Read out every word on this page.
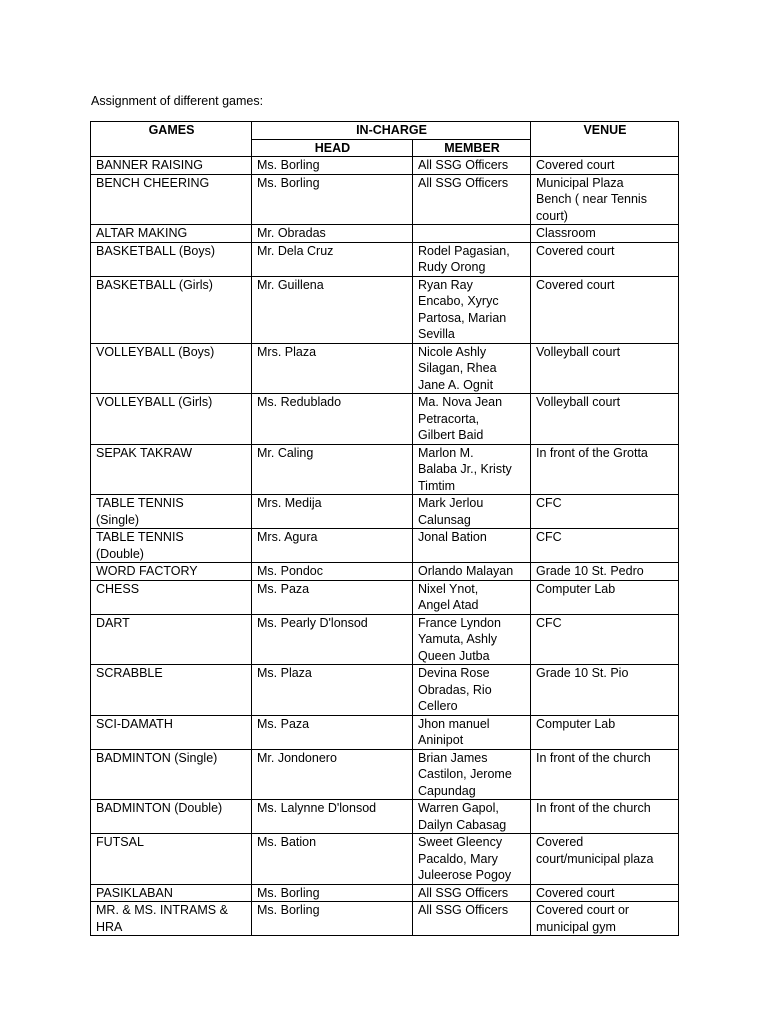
Assignment of different games:
GAMES	IN-CHARGE		VENUE
	HEAD	MEMBER	
BANNER RAISING	Ms. Borling	All SSG Officers	Covered court
BENCH CHEERING	Ms. Borling	All SSG Officers	Municipal Plaza
Bench ( near Tennis
court)
ALTAR MAKING	Mr. Obradas		Classroom
BASKETBALL (Boys)	Mr. Dela Cruz	Rodel Pagasian,
Rudy Orong	Covered court
BASKETBALL (Girls)	Mr. Guillena	Ryan Ray
Encabo, Xyryc
Partosa, Marian
Sevilla	Covered court
VOLLEYBALL (Boys)	Mrs. Plaza	Nicole Ashly
Silagan, Rhea
Jane A. Ognit	Volleyball court
VOLLEYBALL (Girls)	Ms. Redublado	Ma. Nova Jean
Petracorta,
Gilbert Baid	Volleyball court
SEPAK TAKRAW	Mr. Caling	Marlon M.
Balaba Jr., Kristy
Timtim	In front of the Grotta
TABLE TENNIS
(Single)	Mrs. Medija	Mark Jerlou
Calunsag	CFC
TABLE TENNIS
(Double)	Mrs. Agura	Jonal Bation	CFC
WORD FACTORY	Ms. Pondoc	Orlando Malayan	Grade 10 St. Pedro
CHESS	Ms. Paza	Nixel Ynot,
Angel Atad	Computer Lab
DART	Ms. Pearly D'lonsod	France Lyndon
Yamuta, Ashly
Queen Jutba	CFC
SCRABBLE	Ms. Plaza	Devina Rose
Obradas, Rio
Cellero	Grade 10 St. Pio
SCI-DAMATH	Ms. Paza	Jhon manuel
Aninipot	Computer Lab
BADMINTON (Single)	Mr. Jondonero	Brian James
Castilon, Jerome
Capundag	In front of the church
BADMINTON (Double)	Ms. Lalynne D'lonsod	Warren Gapol,
Dailyn Cabasag	In front of the church
FUTSAL	Ms. Bation	Sweet Gleency
Pacaldo, Mary
Juleerose Pogoy	Covered
court/municipal plaza
PASIKLABAN	Ms. Borling	All SSG Officers	Covered court
MR. & MS. INTRAMS &
HRA	Ms. Borling	All SSG Officers	Covered court or
municipal gym
